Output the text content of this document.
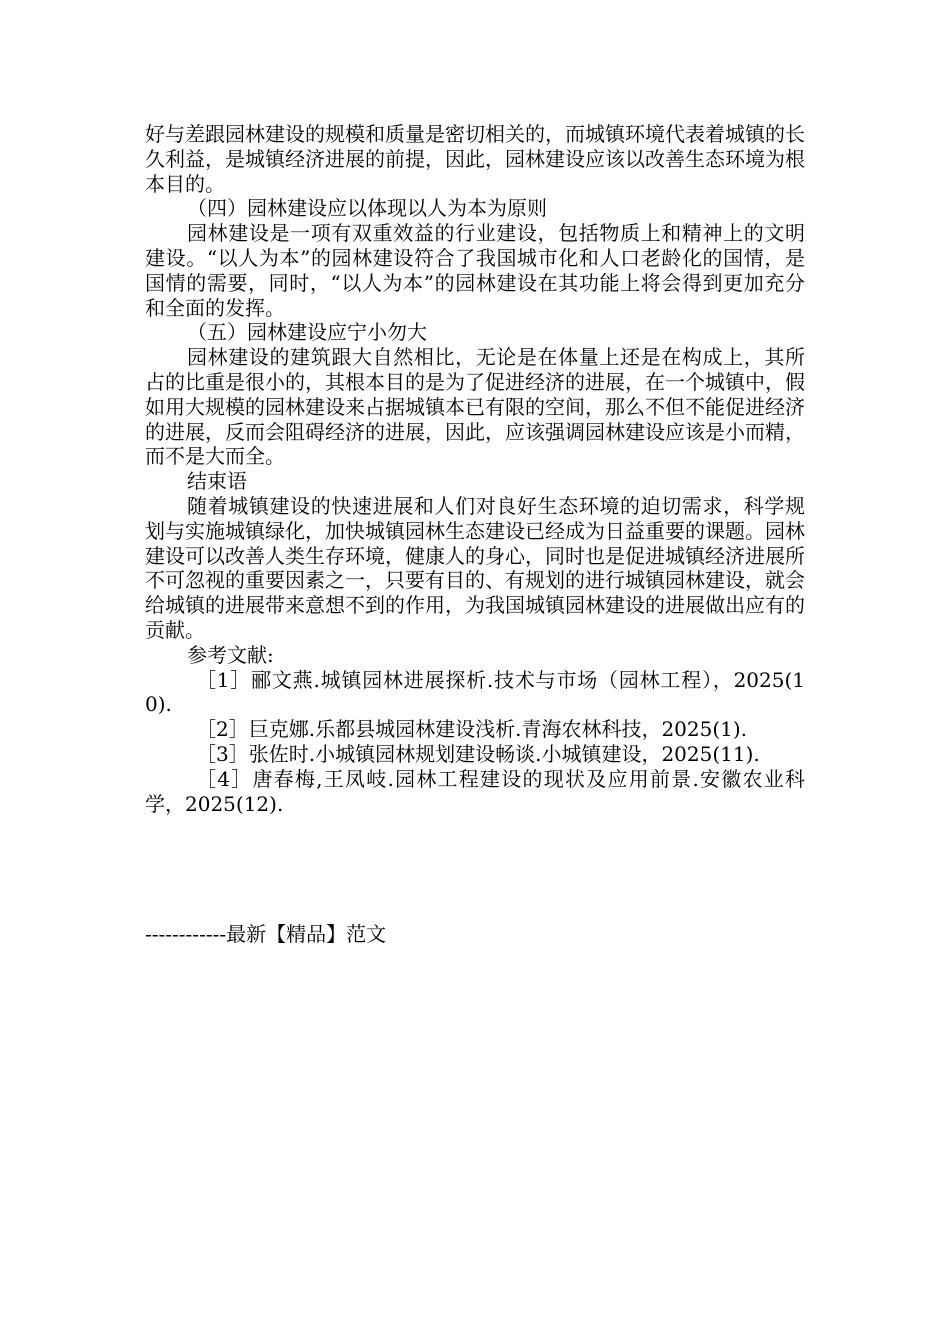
好与差跟园林建设的规模和质量是密切相关的，而城镇环境代表着城镇的长久利益，是城镇经济进展的前提，因此，园林建设应该以改善生态环境为根本目的。

（四）园林建设应以体现以人为本为原则

园林建设是一项有双重效益的行业建设，包括物质上和精神上的文明建设。“以人为本”的园林建设符合了我国城市化和人口老龄化的国情，是国情的需要，同时，“以人为本”的园林建设在其功能上将会得到更加充分和全面的发挥。

（五）园林建设应宁小勿大

园林建设的建筑跟大自然相比，无论是在体量上还是在构成上，其所占的比重是很小的，其根本目的是为了促进经济的进展，在一个城镇中，假如用大规模的园林建设来占据城镇本已有限的空间，那么不但不能促进经济的进展，反而会阻碍经济的进展，因此，应该强调园林建设应该是小而精，而不是大而全。

结束语

随着城镇建设的快速进展和人们对良好生态环境的迫切需求，科学规划与实施城镇绿化，加快城镇园林生态建设已经成为日益重要的课题。园林建设可以改善人类生存环境，健康人的身心，同时也是促进城镇经济进展所不可忽视的重要因素之一，只要有目的、有规划的进行城镇园林建设，就会给城镇的进展带来意想不到的作用，为我国城镇园林建设的进展做出应有的贡献。

参考文献:

［1］郦文燕.城镇园林进展探析.技术与市场（园林工程），2025(10).

［2］巨克娜.乐都县城园林建设浅析.青海农林科技，2025(1).

［3］张佐时.小城镇园林规划建设畅谈.小城镇建设，2025(11).

［4］唐春梅,王凤岐.园林工程建设的现状及应用前景.安徽农业科学，2025(12).

------------最新【精品】范文
